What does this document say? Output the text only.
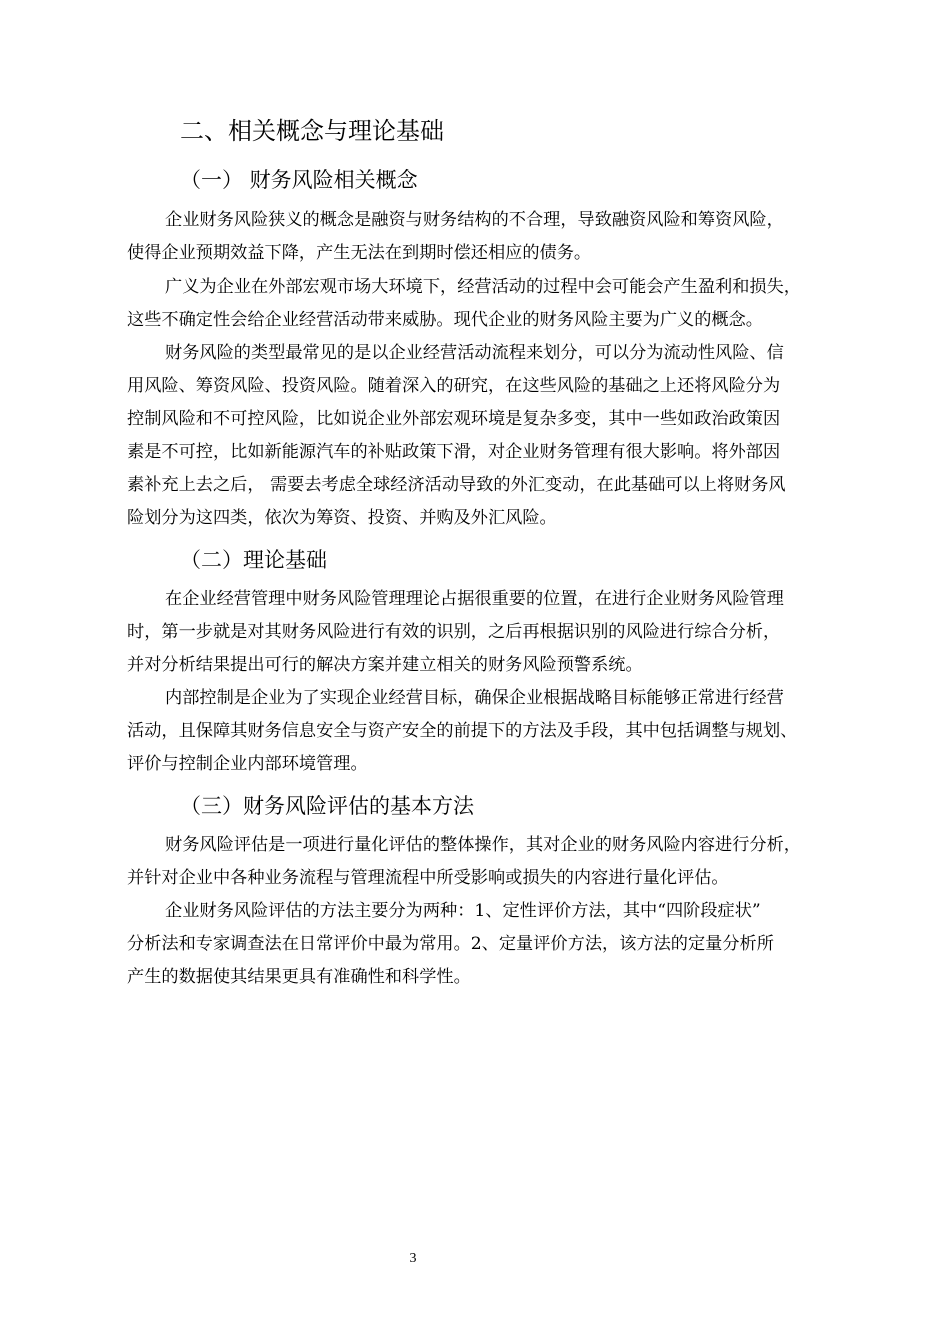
二、相关概念与理论基础
（一） 财务风险相关概念

企业财务风险狭义的概念是融资与财务结构的不合理，导致融资风险和筹资风险，

使得企业预期效益下降，产生无法在到期时偿还相应的债务。

广义为企业在外部宏观市场大环境下，经营活动的过程中会可能会产生盈利和损失，

这些不确定性会给企业经营活动带来威胁。现代企业的财务风险主要为广义的概念。

财务风险的类型最常见的是以企业经营活动流程来划分，可以分为流动性风险、信

用风险、筹资风险、投资风险。随着深入的研究，在这些风险的基础之上还将风险分为

控制风险和不可控风险，比如说企业外部宏观环境是复杂多变，其中一些如政治政策因

素是不可控，比如新能源汽车的补贴政策下滑，对企业财务管理有很大影响。将外部因

素补充上去之后， 需要去考虑全球经济活动导致的外汇变动，在此基础可以上将财务风

险划分为这四类，依次为筹资、投资、并购及外汇风险。

（二）理论基础

在企业经营管理中财务风险管理理论占据很重要的位置，在进行企业财务风险管理

时，第一步就是对其财务风险进行有效的识别，之后再根据识别的风险进行综合分析，

并对分析结果提出可行的解决方案并建立相关的财务风险预警系统。

内部控制是企业为了实现企业经营目标，确保企业根据战略目标能够正常进行经营

活动，且保障其财务信息安全与资产安全的前提下的方法及手段，其中包括调整与规划、

评价与控制企业内部环境管理。

（三）财务风险评估的基本方法

财务风险评估是一项进行量化评估的整体操作，其对企业的财务风险内容进行分析，

并针对企业中各种业务流程与管理流程中所受影响或损失的内容进行量化评估。

企业财务风险评估的方法主要分为两种：1、定性评价方法，其中“四阶段症状”

分析法和专家调查法在日常评价中最为常用。2、定量评价方法，该方法的定量分析所

产生的数据使其结果更具有准确性和科学性。

3
